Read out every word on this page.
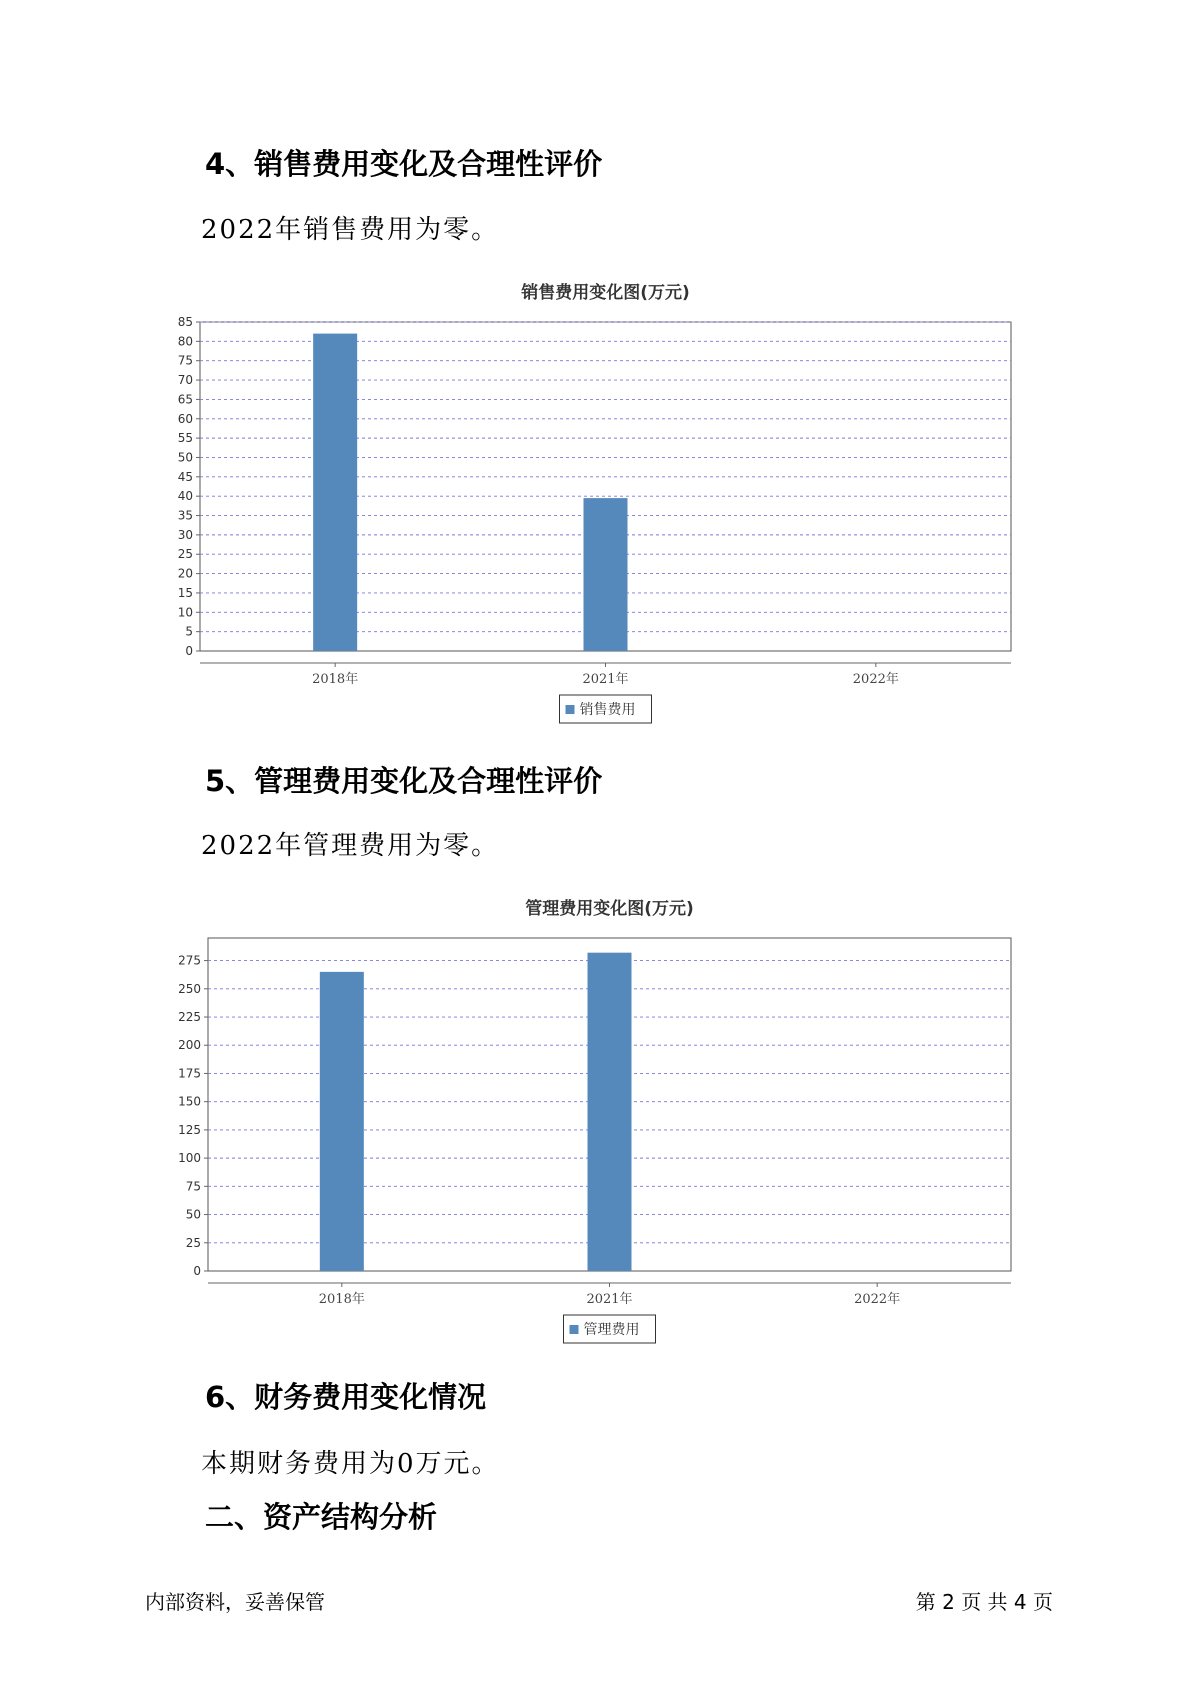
4、销售费用变化及合理性评价

2022年销售费用为零。

销售费用变化图(万元)
0
5
10
15
20
25
30
35
40
45
50
55
60
65
70
75
80
85
2018年	2021年	2022年
销售费用
5、管理费用变化及合理性评价

2022年管理费用为零。

管理费用变化图(万元)
0
25
50
75
100
125
150
175
200
225
250
275
2018年	2021年	2022年
管理费用
6、财务费用变化情况

本期财务费用为0万元。

二、资产结构分析
内部资料，妥善保管	第 2 页 共 4 页
